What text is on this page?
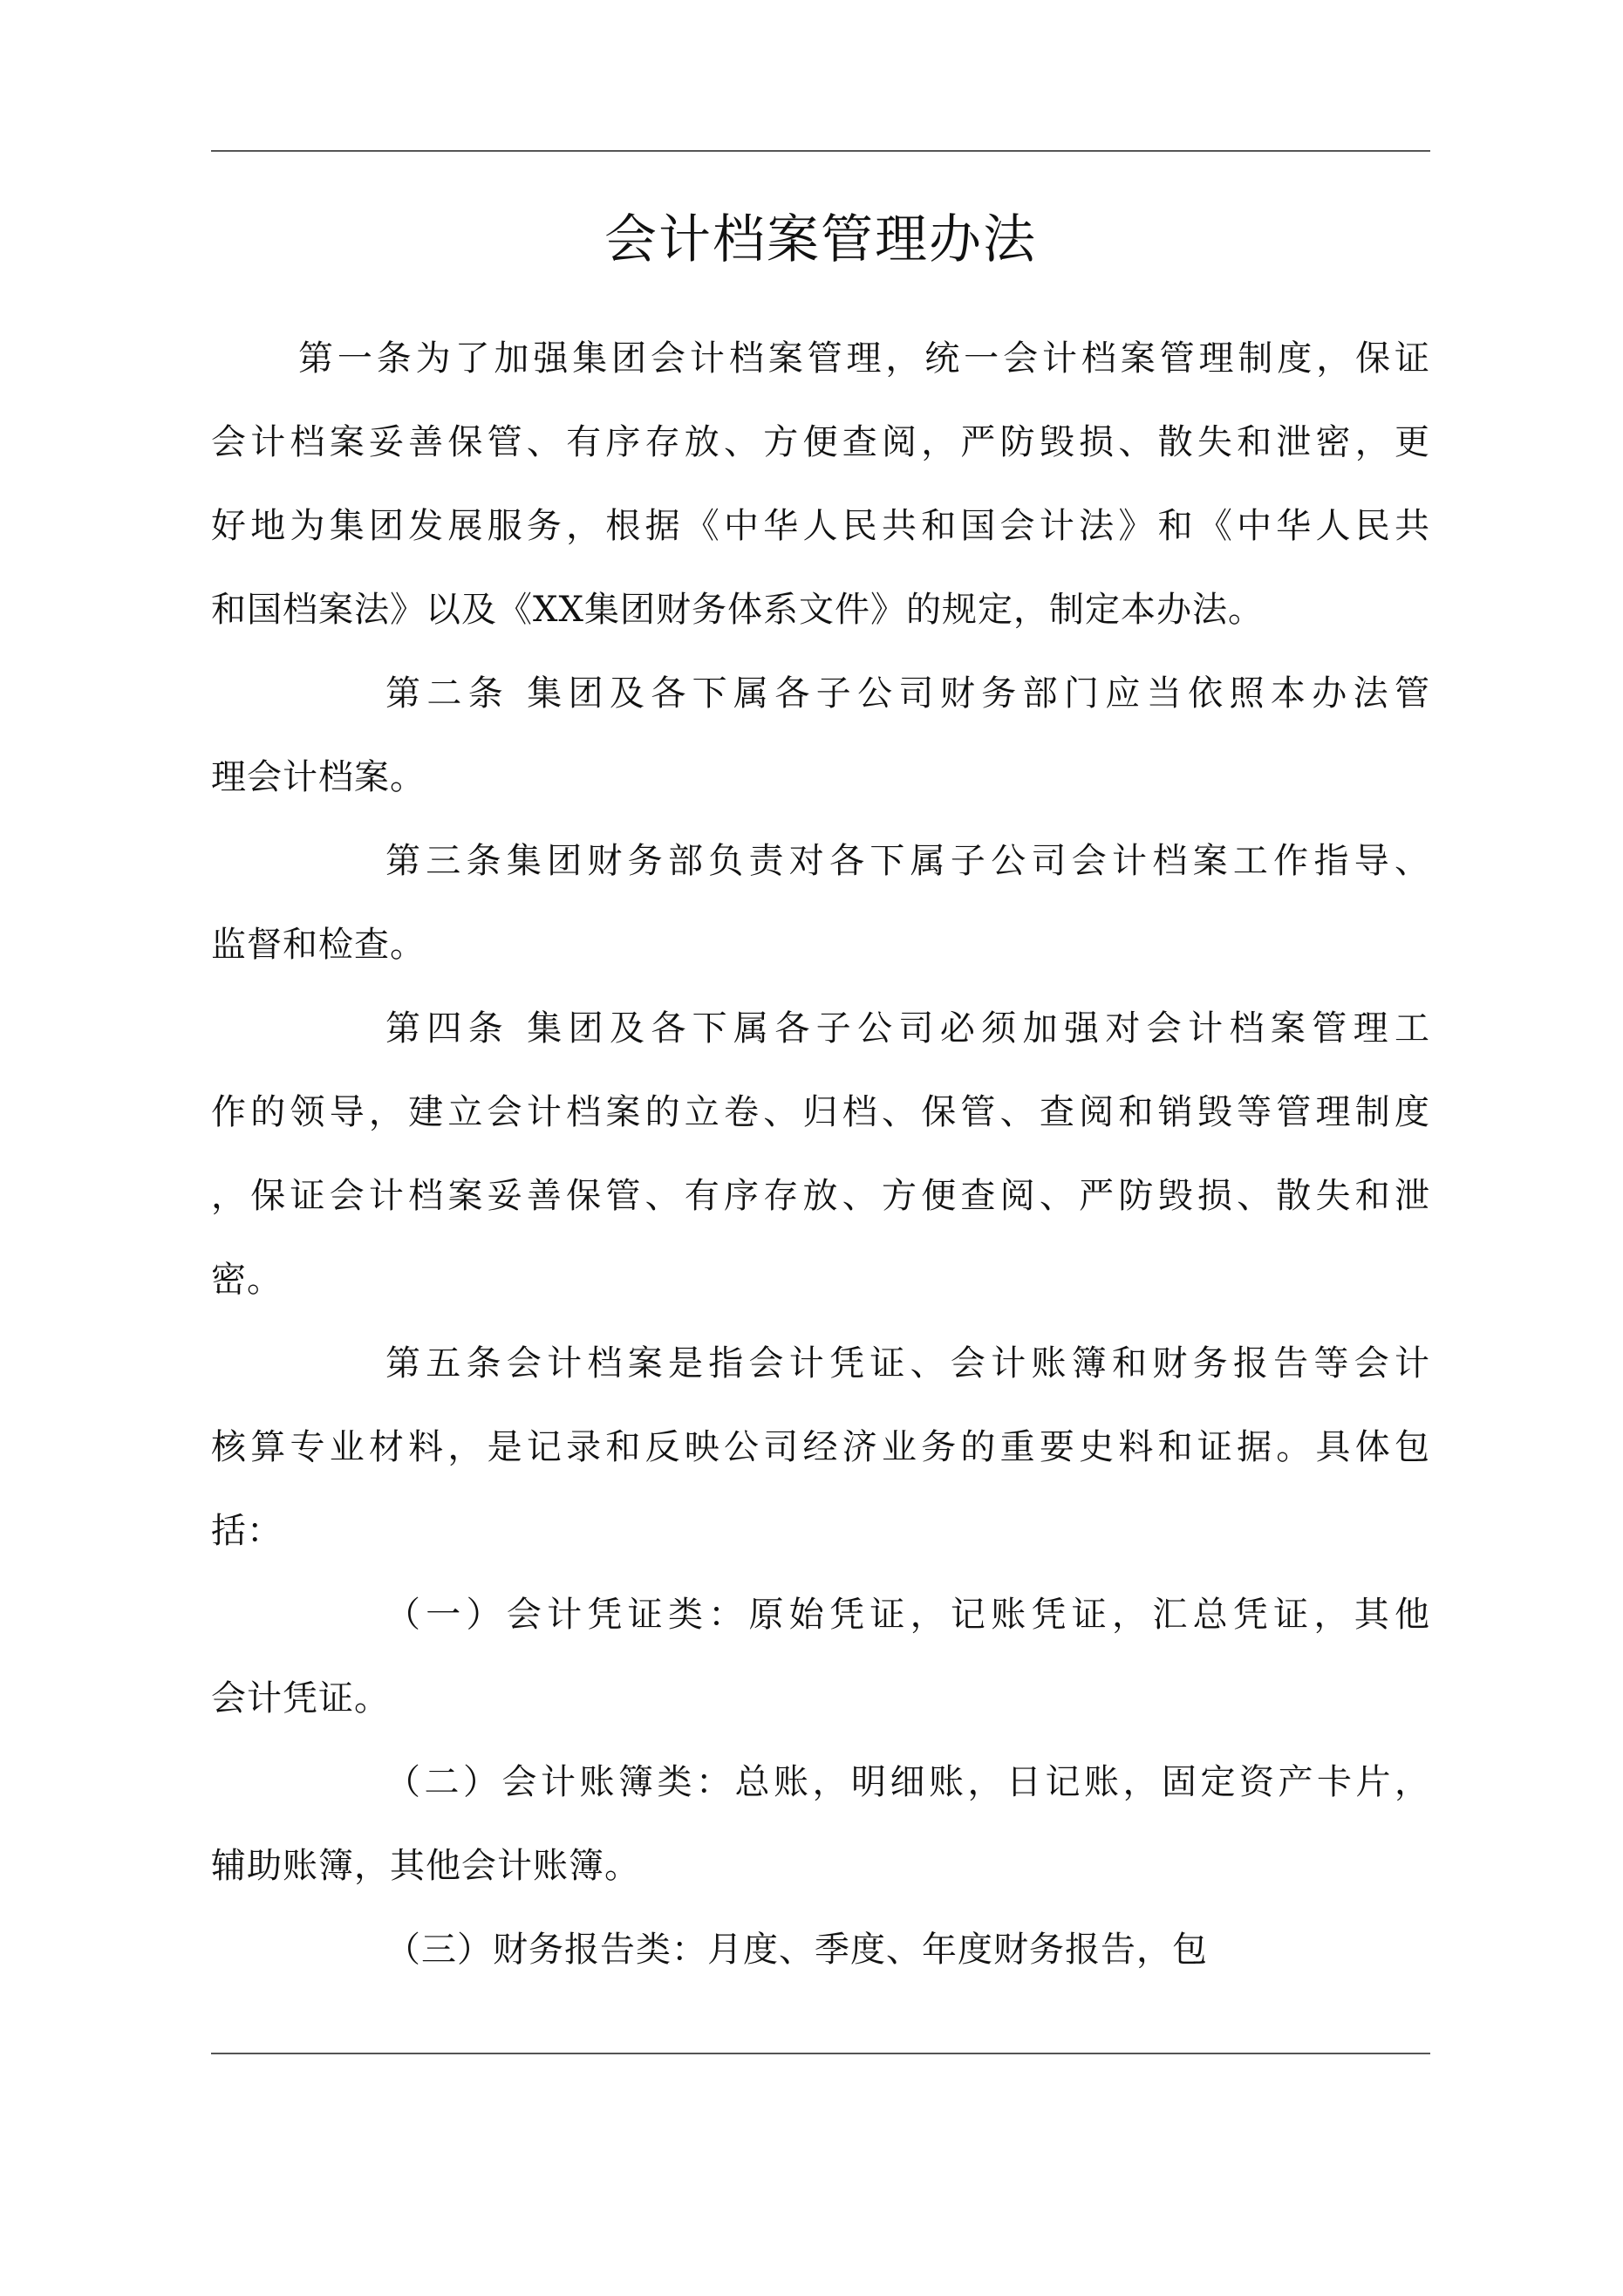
会计档案管理办法
第一条为了加强集团会计档案管理，统一会计档案管理制度，保证
会计档案妥善保管、有序存放、方便查阅，严防毁损、散失和泄密，更
好地为集团发展服务，根据《中华人民共和国会计法》和《中华人民共
和国档案法》以及《XX集团财务体系文件》的规定，制定本办法。
第二条 集团及各下属各子公司财务部门应当依照本办法管
理会计档案。
第三条集团财务部负责对各下属子公司会计档案工作指导、
监督和检查。
第四条 集团及各下属各子公司必须加强对会计档案管理工
作的领导，建立会计档案的立卷、归档、保管、查阅和销毁等管理制度
，保证会计档案妥善保管、有序存放、方便查阅、严防毁损、散失和泄
密。
第五条会计档案是指会计凭证、会计账簿和财务报告等会计
核算专业材料，是记录和反映公司经济业务的重要史料和证据。具体包
括：
（一）会计凭证类：原始凭证，记账凭证，汇总凭证，其他
会计凭证。
（二）会计账簿类：总账，明细账，日记账，固定资产卡片，
辅助账簿，其他会计账簿。
（三）财务报告类：月度、季度、年度财务报告，包
